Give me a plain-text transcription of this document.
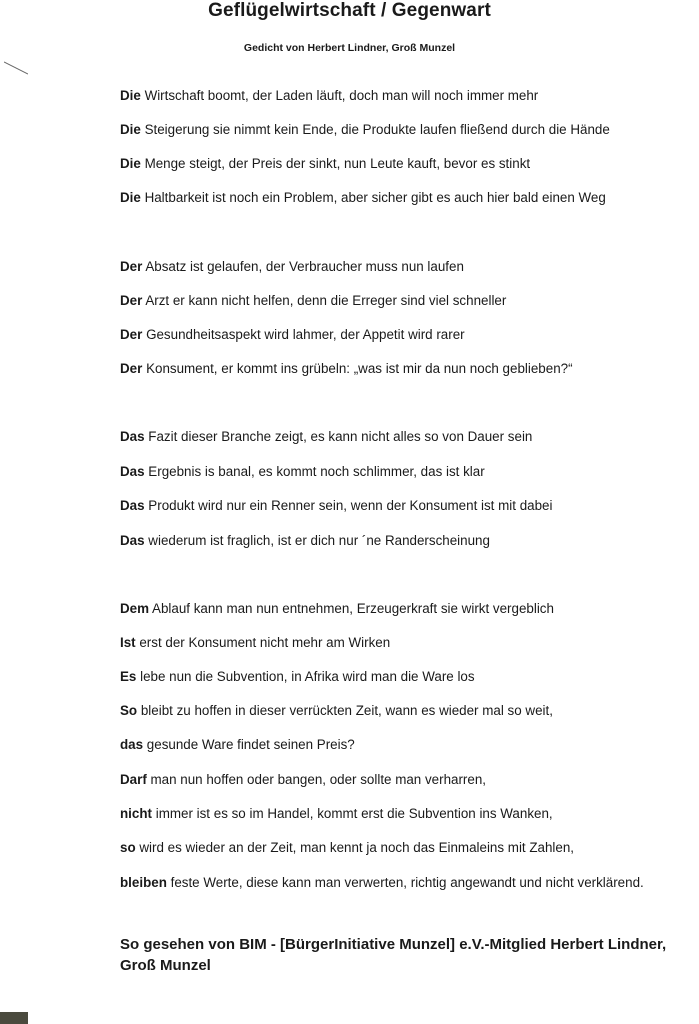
Geflügelwirtschaft / Gegenwart
Gedicht von Herbert Lindner, Groß Munzel
Die Wirtschaft boomt, der Laden läuft, doch man will noch immer mehr
Die Steigerung sie nimmt kein Ende, die Produkte laufen fließend durch die Hände
Die Menge steigt, der Preis der sinkt, nun Leute kauft, bevor es stinkt
Die Haltbarkeit ist noch ein Problem, aber sicher gibt es auch hier bald einen Weg
Der Absatz ist gelaufen, der Verbraucher muss nun laufen
Der Arzt er kann nicht helfen, denn die Erreger sind viel schneller
Der Gesundheitsaspekt wird lahmer, der Appetit wird rarer
Der Konsument, er kommt ins grübeln: „was ist mir da nun noch geblieben?“
Das Fazit dieser Branche zeigt, es kann nicht alles so von Dauer sein
Das Ergebnis is banal, es kommt noch schlimmer, das ist klar
Das Produkt wird nur ein Renner sein, wenn der Konsument ist mit dabei
Das wiederum ist fraglich, ist er dich nur ´ne Randerscheinung
Dem Ablauf kann man nun entnehmen, Erzeugerkraft sie wirkt vergeblich
Ist erst der Konsument nicht mehr am Wirken
Es lebe nun die Subvention, in Afrika wird man die Ware los
So bleibt zu hoffen in dieser verrückten Zeit, wann es wieder mal so weit,
das gesunde Ware findet seinen Preis?
Darf man nun hoffen oder bangen, oder sollte man verharren,
nicht immer ist es so im Handel, kommt erst die Subvention ins Wanken,
so wird es wieder an der Zeit, man kennt ja noch das Einmaleins mit Zahlen,
bleiben feste Werte, diese kann man verwerten, richtig angewandt und nicht verklärend.
So gesehen von BIM - [BürgerInitiative Munzel] e.V.-Mitglied Herbert Lindner,
Groß Munzel
